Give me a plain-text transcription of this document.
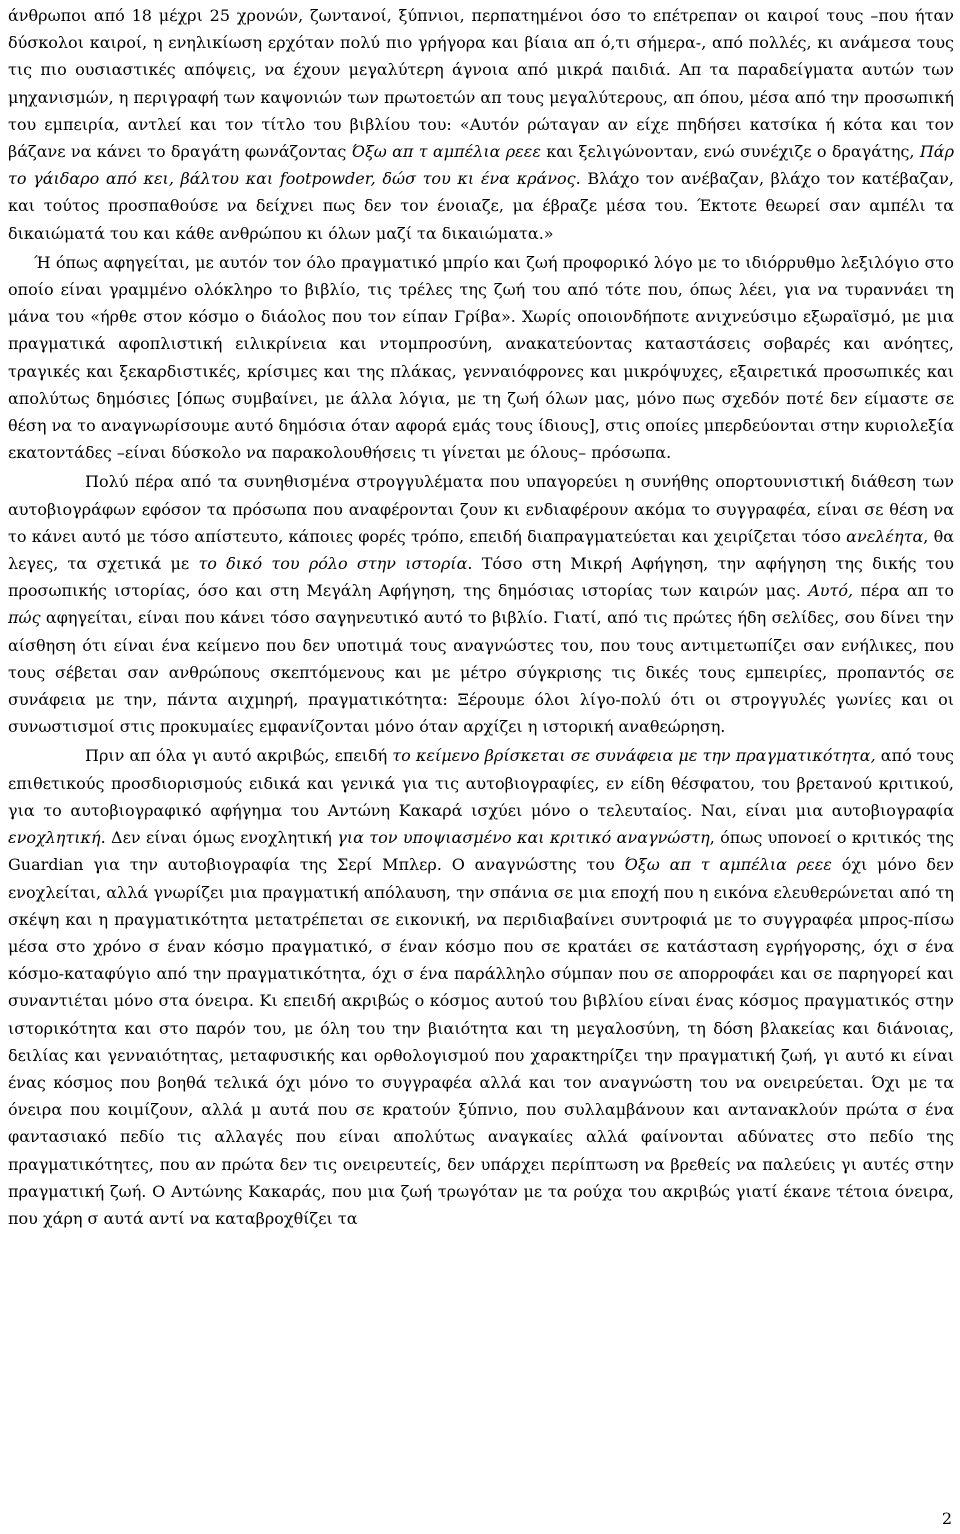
άνθρωποι από 18 μέχρι 25 χρονών, ζωντανοί, ξύπνιοι, περπατημένοι όσο το επέτρεπαν οι καιροί τους –που ήταν δύσκολοι καιροί, η ενηλικίωση ερχόταν πολύ πιο γρήγορα και βίαια απ ό,τι σήμερα-, από πολλές, κι ανάμεσα τους τις πιο ουσιαστικές απόψεις, να έχουν μεγαλύτερη άγνοια από μικρά παιδιά. Απ τα παραδείγματα αυτών των μηχανισμών, η περιγραφή των καψονιών των πρωτοετών απ τους μεγαλύτερους, απ όπου, μέσα από την προσωπική του εμπειρία, αντλεί και τον τίτλο του βιβλίου του: «Αυτόν ρώταγαν αν είχε πηδήσει κατσίκα ή κότα και τον βάζανε να κάνει το δραγάτη φωνάζοντας Όξω απ τ αμπέλια ρεεε και ξελιγώνονταν, ενώ συνέχιζε ο δραγάτης, Πάρ το γάιδαρο από κει, βάλτου και footpowder, δώσ του κι ένα κράνος. Βλάχο τον ανέβαζαν, βλάχο τον κατέβαζαν, και τούτος προσπαθούσε να δείχνει πως δεν τον ένοιαζε, μα έβραζε μέσα του. Έκτοτε θεωρεί σαν αμπέλι τα δικαιώματά του και κάθε ανθρώπου κι όλων μαζί τα δικαιώματα.»

Ή όπως αφηγείται, με αυτόν τον όλο πραγματικό μπρίο και ζωή προφορικό λόγο με το ιδιόρρυθμο λεξιλόγιο στο οποίο είναι γραμμένο ολόκληρο το βιβλίο, τις τρέλες της ζωή του από τότε που, όπως λέει, για να τυραννάει τη μάνα του «ήρθε στον κόσμο ο διάολος που τον είπαν Γρίβα». Χωρίς οποιονδήποτε ανιχνεύσιμο εξωραϊσμό, με μια πραγματικά αφοπλιστική ειλικρίνεια και ντομπροσύνη, ανακατεύοντας καταστάσεις σοβαρές και ανόητες, τραγικές και ξεκαρδιστικές, κρίσιμες και της πλάκας, γενναιόφρονες και μικρόψυχες, εξαιρετικά προσωπικές και απολύτως δημόσιες [όπως συμβαίνει, με άλλα λόγια, με τη ζωή όλων μας, μόνο πως σχεδόν ποτέ δεν είμαστε σε θέση να το αναγνωρίσουμε αυτό δημόσια όταν αφορά εμάς τους ίδιους], στις οποίες μπερδεύονται στην κυριολεξία εκατοντάδες –είναι δύσκολο να παρακολουθήσεις τι γίνεται με όλους– πρόσωπα.

Πολύ πέρα από τα συνηθισμένα στρογγυλέματα που υπαγορεύει η συνήθης οπορτουνιστική διάθεση των αυτοβιογράφων εφόσον τα πρόσωπα που αναφέρονται ζουν κι ενδιαφέρουν ακόμα το συγγραφέα, είναι σε θέση να το κάνει αυτό με τόσο απίστευτο, κάποιες φορές τρόπο, επειδή διαπραγματεύεται και χειρίζεται τόσο ανελέητα, θα λεγες, τα σχετικά με το δικό του ρόλο στην ιστορία. Τόσο στη Μικρή Αφήγηση, την αφήγηση της δικής του προσωπικής ιστορίας, όσο και στη Μεγάλη Αφήγηση, της δημόσιας ιστορίας των καιρών μας. Αυτό, πέρα απ το πώς αφηγείται, είναι που κάνει τόσο σαγηνευτικό αυτό το βιβλίο. Γιατί, από τις πρώτες ήδη σελίδες, σου δίνει την αίσθηση ότι είναι ένα κείμενο που δεν υποτιμά τους αναγνώστες του, που τους αντιμετωπίζει σαν ενήλικες, που τους σέβεται σαν ανθρώπους σκεπτόμενους και με μέτρο σύγκρισης τις δικές τους εμπειρίες, προπαντός σε συνάφεια με την, πάντα αιχμηρή, πραγματικότητα: Ξέρουμε όλοι λίγο-πολύ ότι οι στρογγυλές γωνίες και οι συνωστισμοί στις προκυμαίες εμφανίζονται μόνο όταν αρχίζει η ιστορική αναθεώρηση.

Πριν απ όλα γι αυτό ακριβώς, επειδή το κείμενο βρίσκεται σε συνάφεια με την πραγματικότητα, από τους επιθετικούς προσδιορισμούς ειδικά και γενικά για τις αυτοβιογραφίες, εν είδη θέσφατου, του βρετανού κριτικού, για το αυτοβιογραφικό αφήγημα του Αντώνη Κακαρά ισχύει μόνο ο τελευταίος. Ναι, είναι μια αυτοβιογραφία ενοχλητική. Δεν είναι όμως ενοχλητική για τον υποψιασμένο και κριτικό αναγνώστη, όπως υπονοεί ο κριτικός της Guardian για την αυτοβιογραφία της Σερί Μπλερ. Ο αναγνώστης του Όξω απ τ αμπέλια ρεεε όχι μόνο δεν ενοχλείται, αλλά γνωρίζει μια πραγματική απόλαυση, την σπάνια σε μια εποχή που η εικόνα ελευθερώνεται από τη σκέψη και η πραγματικότητα μετατρέπεται σε εικονική, να περιδιαβαίνει συντροφιά με το συγγραφέα μπρος-πίσω μέσα στο χρόνο σ έναν κόσμο πραγματικό, σ έναν κόσμο που σε κρατάει σε κατάσταση εγρήγορσης, όχι σ ένα κόσμο-καταφύγιο από την πραγματικότητα, όχι σ ένα παράλληλο σύμπαν που σε απορροφάει και σε παρηγορεί και συναντιέται μόνο στα όνειρα. Κι επειδή ακριβώς ο κόσμος αυτού του βιβλίου είναι ένας κόσμος πραγματικός στην ιστορικότητα και στο παρόν του, με όλη του την βιαιότητα και τη μεγαλοσύνη, τη δόση βλακείας και διάνοιας, δειλίας και γενναιότητας, μεταφυσικής και ορθολογισμού που χαρακτηρίζει την πραγματική ζωή, γι αυτό κι είναι ένας κόσμος που βοηθά τελικά όχι μόνο το συγγραφέα αλλά και τον αναγνώστη του να ονειρεύεται. Όχι με τα όνειρα που κοιμίζουν, αλλά μ αυτά που σε κρατούν ξύπνιο, που συλλαμβάνουν και αντανακλούν πρώτα σ ένα φαντασιακό πεδίο τις αλλαγές που είναι απολύτως αναγκαίες αλλά φαίνονται αδύνατες στο πεδίο της πραγματικότητες, που αν πρώτα δεν τις ονειρευτείς, δεν υπάρχει περίπτωση να βρεθείς να παλεύεις γι αυτές στην πραγματική ζωή. Ο Αντώνης Κακαράς, που μια ζωή τρωγόταν με τα ρούχα του ακριβώς γιατί έκανε τέτοια όνειρα, που χάρη σ αυτά αντί να καταβροχθίζει τα

2
